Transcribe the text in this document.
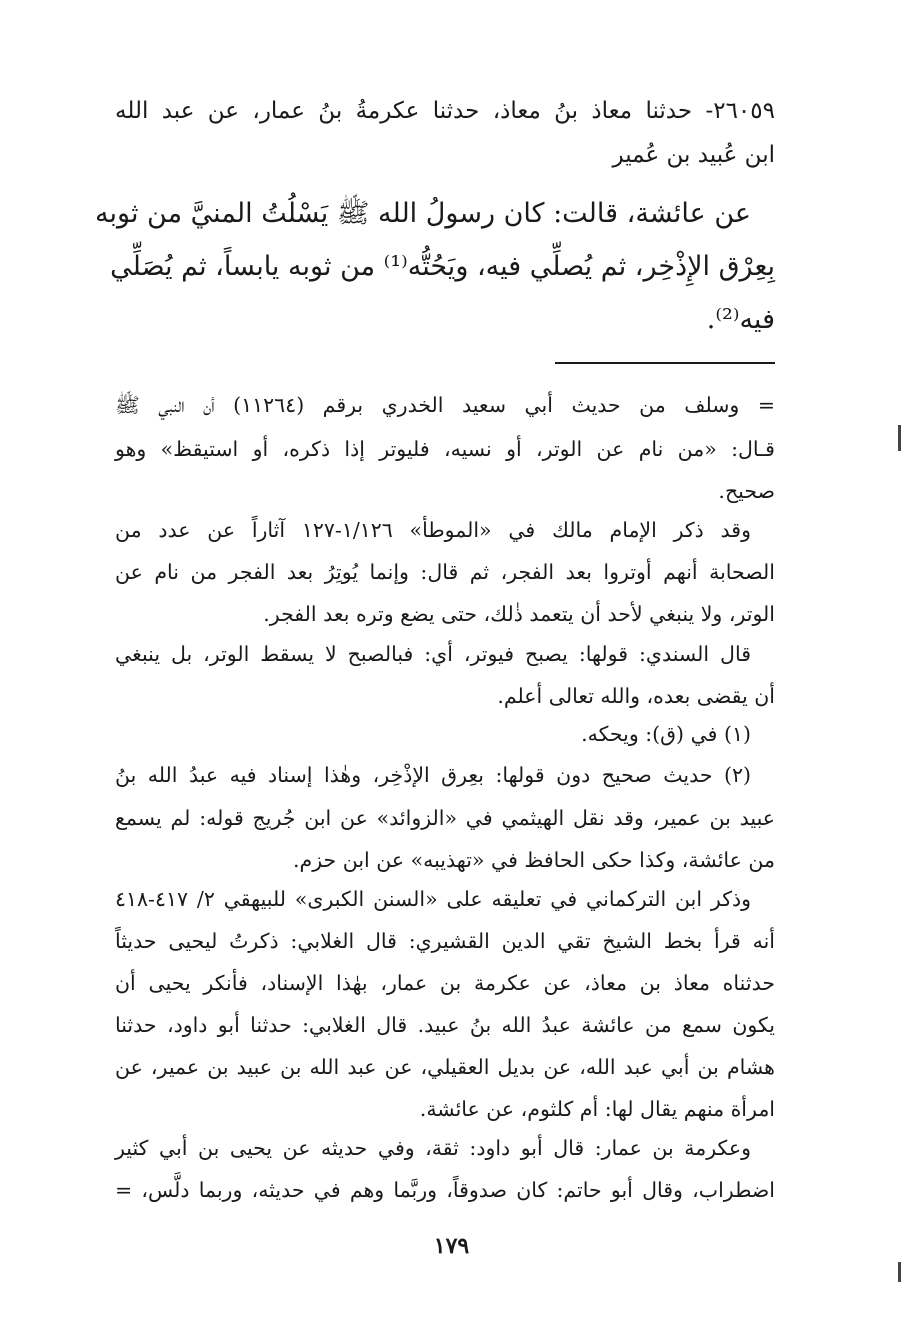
٢٦٠٥٩- حدثنا معاذ بنُ معاذ، حدثنا عكرمةُ بنُ عمار، عن عبد الله
ابن عُبيد بن عُمير
عن عائشة، قالت: كان رسولُ الله ﷺ يَسْلُتُ المنيَّ من ثوبه
بِعِرْق الإِذْخِر، ثم يُصلِّي فيه، ويَحُتُّه⁽¹⁾ من ثوبه يابساً، ثم يُصَلِّي
فيه⁽²⁾.
= وسلف من حديث أبي سعيد الخدري برقم (١١٢٦٤) أن النبي ﷺ
قـال: «من نام عن الوتر، أو نسيه، فليوتر إذا ذكره، أو استيقظ» وهو
صحيح.
وقد ذكر الإمام مالك في «الموطأ» ١/١٢٦-١٢٧ آثاراً عن عدد من
الصحابة أنهم أوتروا بعد الفجر، ثم قال: وإنما يُوتِرُ بعد الفجر من نام عن
الوتر، ولا ينبغي لأحد أن يتعمد ذٰلك، حتى يضع وتره بعد الفجر.
قال السندي: قولها: يصبح فيوتر، أي: فبالصبح لا يسقط الوتر، بل ينبغي
أن يقضى بعده، والله تعالى أعلم.
(١) في (ق): ويحكه.
(٢) حديث صحيح دون قولها: بعِرق الإذْخِر، وهٰذا إسناد فيه عبدُ الله بنُ
عبيد بن عمير، وقد نقل الهيثمي في «الزوائد» عن ابن جُريج قوله: لم يسمع
من عائشة، وكذا حكى الحافظ في «تهذيبه» عن ابن حزم.
وذكر ابن التركماني في تعليقه على «السنن الكبرى» للبيهقي ٢/ ٤١٧-٤١٨
أنه قرأ بخط الشيخ تقي الدين القشيري: قال الغلابي: ذكرتُ ليحيى حديثاً
حدثناه معاذ بن معاذ، عن عكرمة بن عمار، بهٰذا الإسناد، فأنكر يحيى أن
يكون سمع من عائشة عبدُ الله بنُ عبيد. قال الغلابي: حدثنا أبو داود، حدثنا
هشام بن أبي عبد الله، عن بديل العقيلي، عن عبد الله بن عبيد بن عمير، عن
امرأة منهم يقال لها: أم كلثوم، عن عائشة.
وعكرمة بن عمار: قال أبو داود: ثقة، وفي حديثه عن يحيى بن أبي كثير
اضطراب، وقال أبو حاتم: كان صدوقاً، وربَّما وهم في حديثه، وربما دلَّس، =
١٧٩
